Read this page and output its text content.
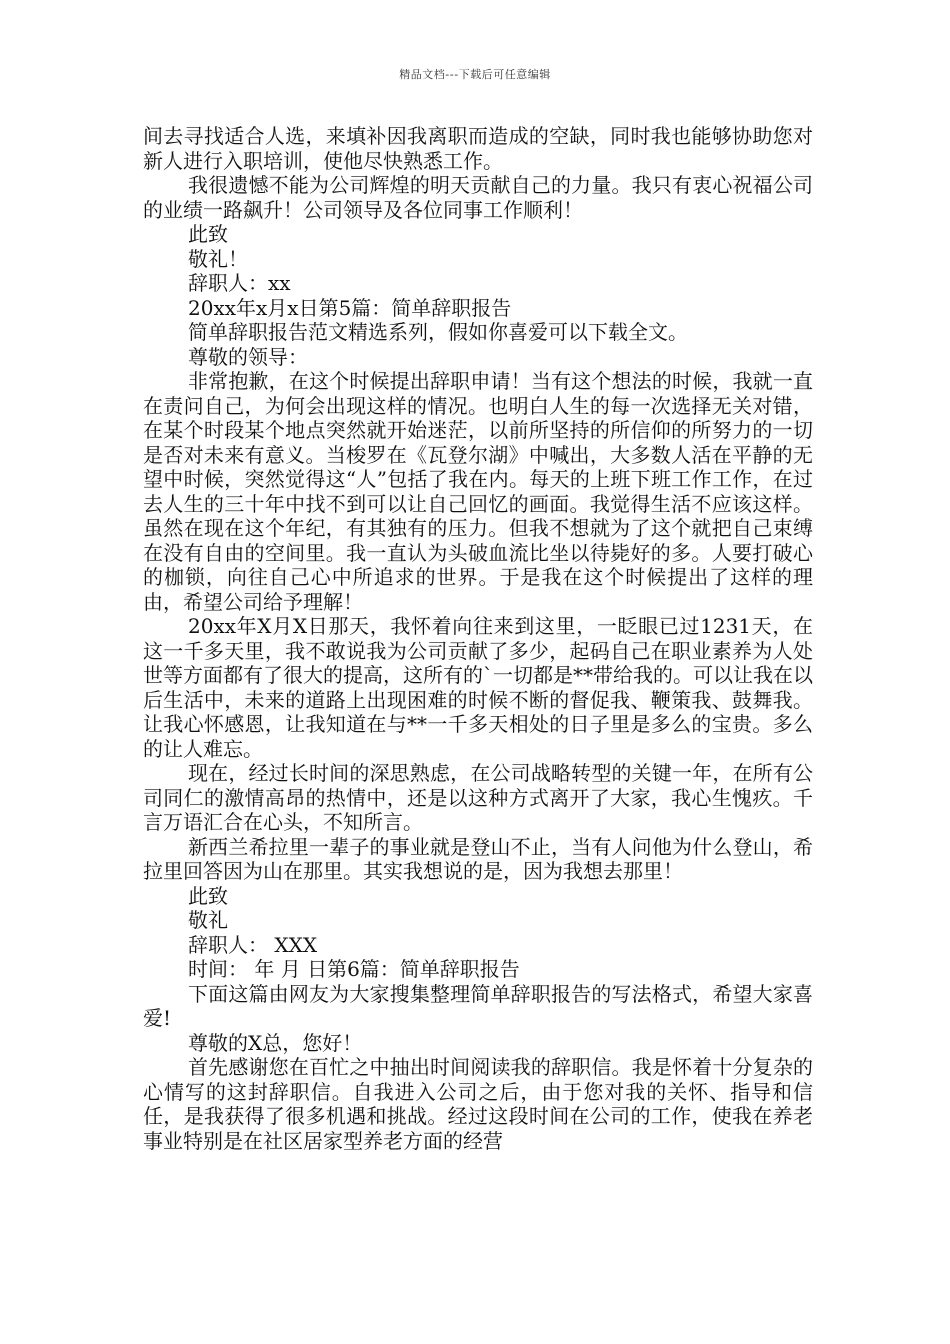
精品文档---下载后可任意编辑

间去寻找适合人选，来填补因我离职而造成的空缺，同时我也能够协助您对新人进行入职培训，使他尽快熟悉工作。

我很遗憾不能为公司辉煌的明天贡献自己的力量。我只有衷心祝福公司的业绩一路飙升！公司领导及各位同事工作顺利！

此致

敬礼！

辞职人：xx

20xx年x月x日第5篇：简单辞职报告

简单辞职报告范文精选系列，假如你喜爱可以下载全文。

尊敬的领导：

非常抱歉，在这个时候提出辞职申请！当有这个想法的时候，我就一直在责问自己，为何会出现这样的情况。也明白人生的每一次选择无关对错，在某个时段某个地点突然就开始迷茫，以前所坚持的所信仰的所努力的一切是否对未来有意义。当梭罗在《瓦登尔湖》中喊出，大多数人活在平静的无望中时候，突然觉得这“人”包括了我在内。每天的上班下班工作工作，在过去人生的三十年中找不到可以让自己回忆的画面。我觉得生活不应该这样。虽然在现在这个年纪，有其独有的压力。但我不想就为了这个就把自己束缚在没有自由的空间里。我一直认为头破血流比坐以待毙好的多。人要打破心的枷锁，向往自己心中所追求的世界。于是我在这个时候提出了这样的理由，希望公司给予理解！

20xx年X月X日那天，我怀着向往来到这里，一眨眼已过1231天，在这一千多天里，我不敢说我为公司贡献了多少，起码自己在职业素养为人处世等方面都有了很大的提高，这所有的`一切都是**带给我的。可以让我在以后生活中，未来的道路上出现困难的时候不断的督促我、鞭策我、鼓舞我。让我心怀感恩，让我知道在与**一千多天相处的日子里是多么的宝贵。多么的让人难忘。

现在，经过长时间的深思熟虑，在公司战略转型的关键一年，在所有公司同仁的激情高昂的热情中，还是以这种方式离开了大家，我心生愧疚。千言万语汇合在心头，不知所言。

新西兰希拉里一辈子的事业就是登山不止，当有人问他为什么登山，希拉里回答因为山在那里。其实我想说的是，因为我想去那里！

此致

敬礼

辞职人： XXX

时间： 年 月 日第6篇：简单辞职报告

下面这篇由网友为大家搜集整理简单辞职报告的写法格式，希望大家喜爱!

尊敬的X总，您好！

首先感谢您在百忙之中抽出时间阅读我的辞职信。我是怀着十分复杂的心情写的这封辞职信。自我进入公司之后，由于您对我的关怀、指导和信任，是我获得了很多机遇和挑战。经过这段时间在公司的工作，使我在养老事业特别是在社区居家型养老方面的经营
